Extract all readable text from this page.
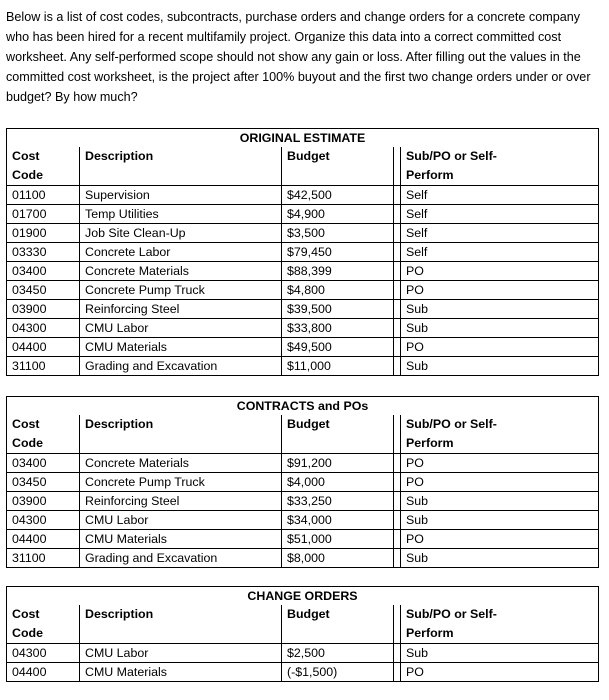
Below is a list of cost codes, subcontracts, purchase orders and change orders for a concrete company who has been hired for a recent multifamily project. Organize this data into a correct committed cost worksheet. Any self-performed scope should not show any gain or loss. After filling out the values in the committed cost worksheet, is the project after 100% buyout and the first two change orders under or over budget? By how much?
ORIGINAL ESTIMATE				
Cost	Description	Budget		Sub/PO or Self-
Code				Perform
01100	Supervision	$42,500		Self
01700	Temp Utilities	$4,900		Self
01900	Job Site Clean-Up	$3,500		Self
03330	Concrete Labor	$79,450		Self
03400	Concrete Materials	$88,399		PO
03450	Concrete Pump Truck	$4,800		PO
03900	Reinforcing Steel	$39,500		Sub
04300	CMU Labor	$33,800		Sub
04400	CMU Materials	$49,500		PO
31100	Grading and Excavation	$11,000		Sub
CONTRACTS and POs				
Cost	Description	Budget		Sub/PO or Self-
Code				Perform
03400	Concrete Materials	$91,200		PO
03450	Concrete Pump Truck	$4,000		PO
03900	Reinforcing Steel	$33,250		Sub
04300	CMU Labor	$34,000		Sub
04400	CMU Materials	$51,000		PO
31100	Grading and Excavation	$8,000		Sub
CHANGE ORDERS				
Cost	Description	Budget		Sub/PO or Self-
Code				Perform
04300	CMU Labor	$2,500		Sub
04400	CMU Materials	(-$1,500)		PO
